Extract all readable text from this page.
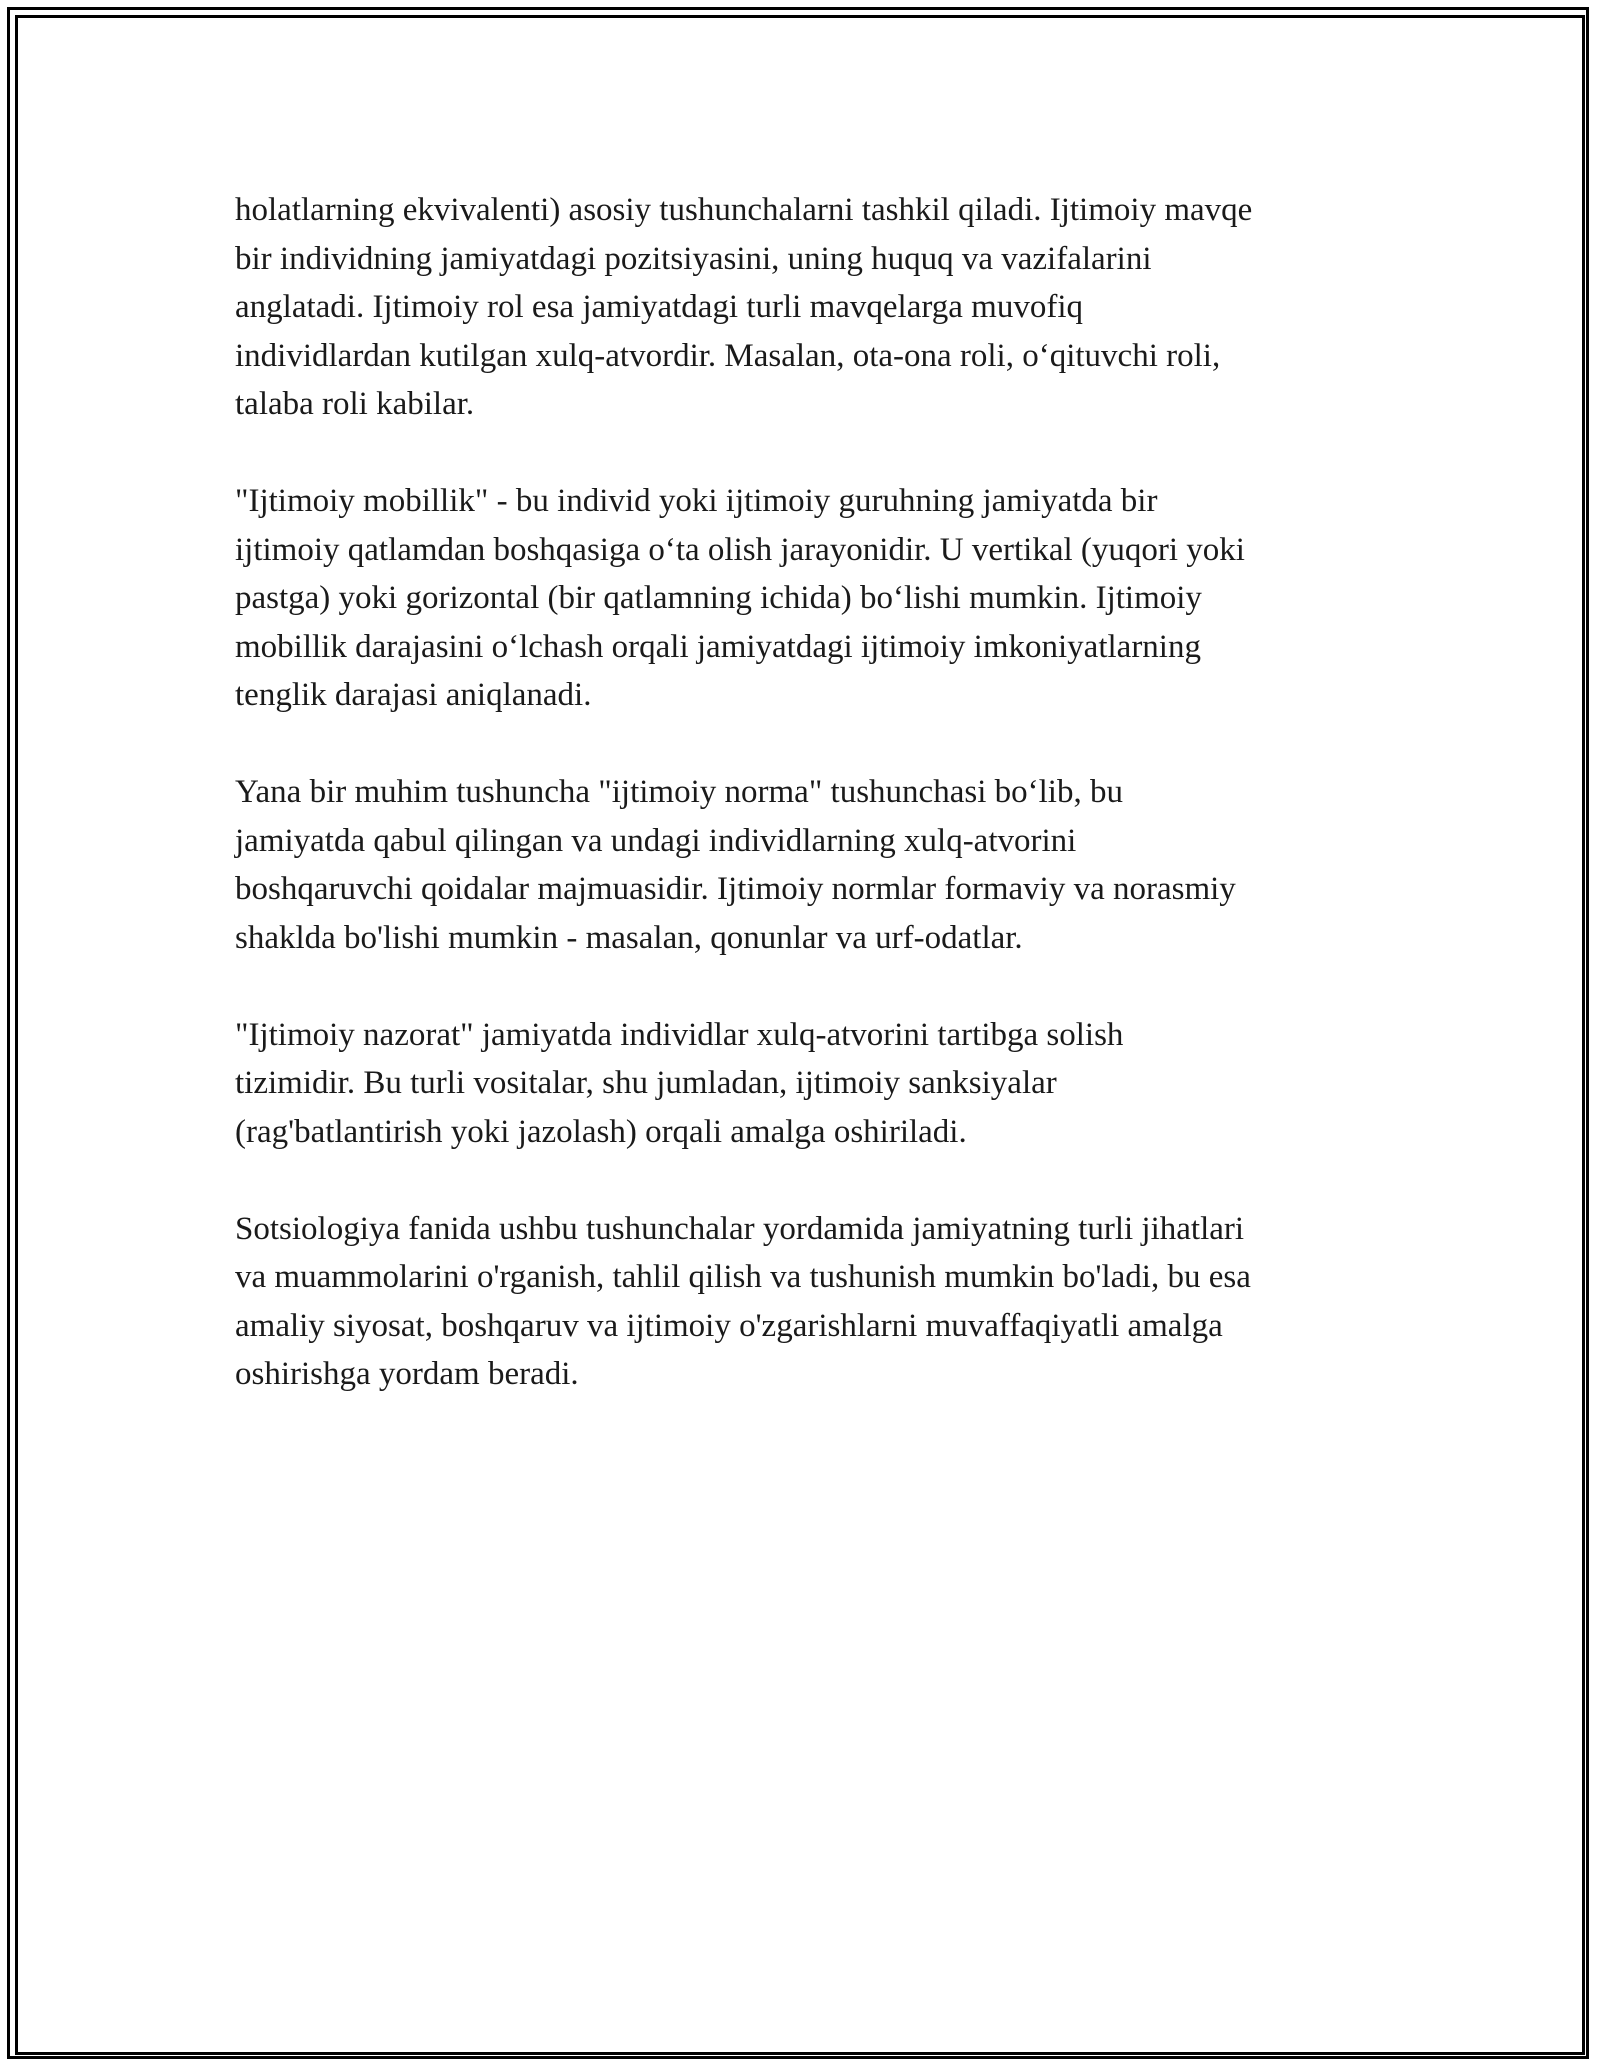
holatlarning ekvivalenti) asosiy tushunchalarni tashkil qiladi. Ijtimoiy mavqe
bir individning jamiyatdagi pozitsiyasini, uning huquq va vazifalarini
anglatadi. Ijtimoiy rol esa jamiyatdagi turli mavqelarga muvofiq
individlardan kutilgan xulq-atvordir. Masalan, ota-ona roli, o‘qituvchi roli,
talaba roli kabilar.

"Ijtimoiy mobillik" - bu individ yoki ijtimoiy guruhning jamiyatda bir
ijtimoiy qatlamdan boshqasiga o‘ta olish jarayonidir. U vertikal (yuqori yoki
pastga) yoki gorizontal (bir qatlamning ichida) bo‘lishi mumkin. Ijtimoiy
mobillik darajasini o‘lchash orqali jamiyatdagi ijtimoiy imkoniyatlarning
tenglik darajasi aniqlanadi.

Yana bir muhim tushuncha "ijtimoiy norma" tushunchasi bo‘lib, bu
jamiyatda qabul qilingan va undagi individlarning xulq-atvorini
boshqaruvchi qoidalar majmuasidir. Ijtimoiy normlar formaviy va norasmiy
shaklda bo'lishi mumkin - masalan, qonunlar va urf-odatlar.

"Ijtimoiy nazorat" jamiyatda individlar xulq-atvorini tartibga solish
tizimidir. Bu turli vositalar, shu jumladan, ijtimoiy sanksiyalar
(rag'batlantirish yoki jazolash) orqali amalga oshiriladi.

Sotsiologiya fanida ushbu tushunchalar yordamida jamiyatning turli jihatlari
va muammolarini o'rganish, tahlil qilish va tushunish mumkin bo'ladi, bu esa
amaliy siyosat, boshqaruv va ijtimoiy o'zgarishlarni muvaffaqiyatli amalga
oshirishga yordam beradi.
